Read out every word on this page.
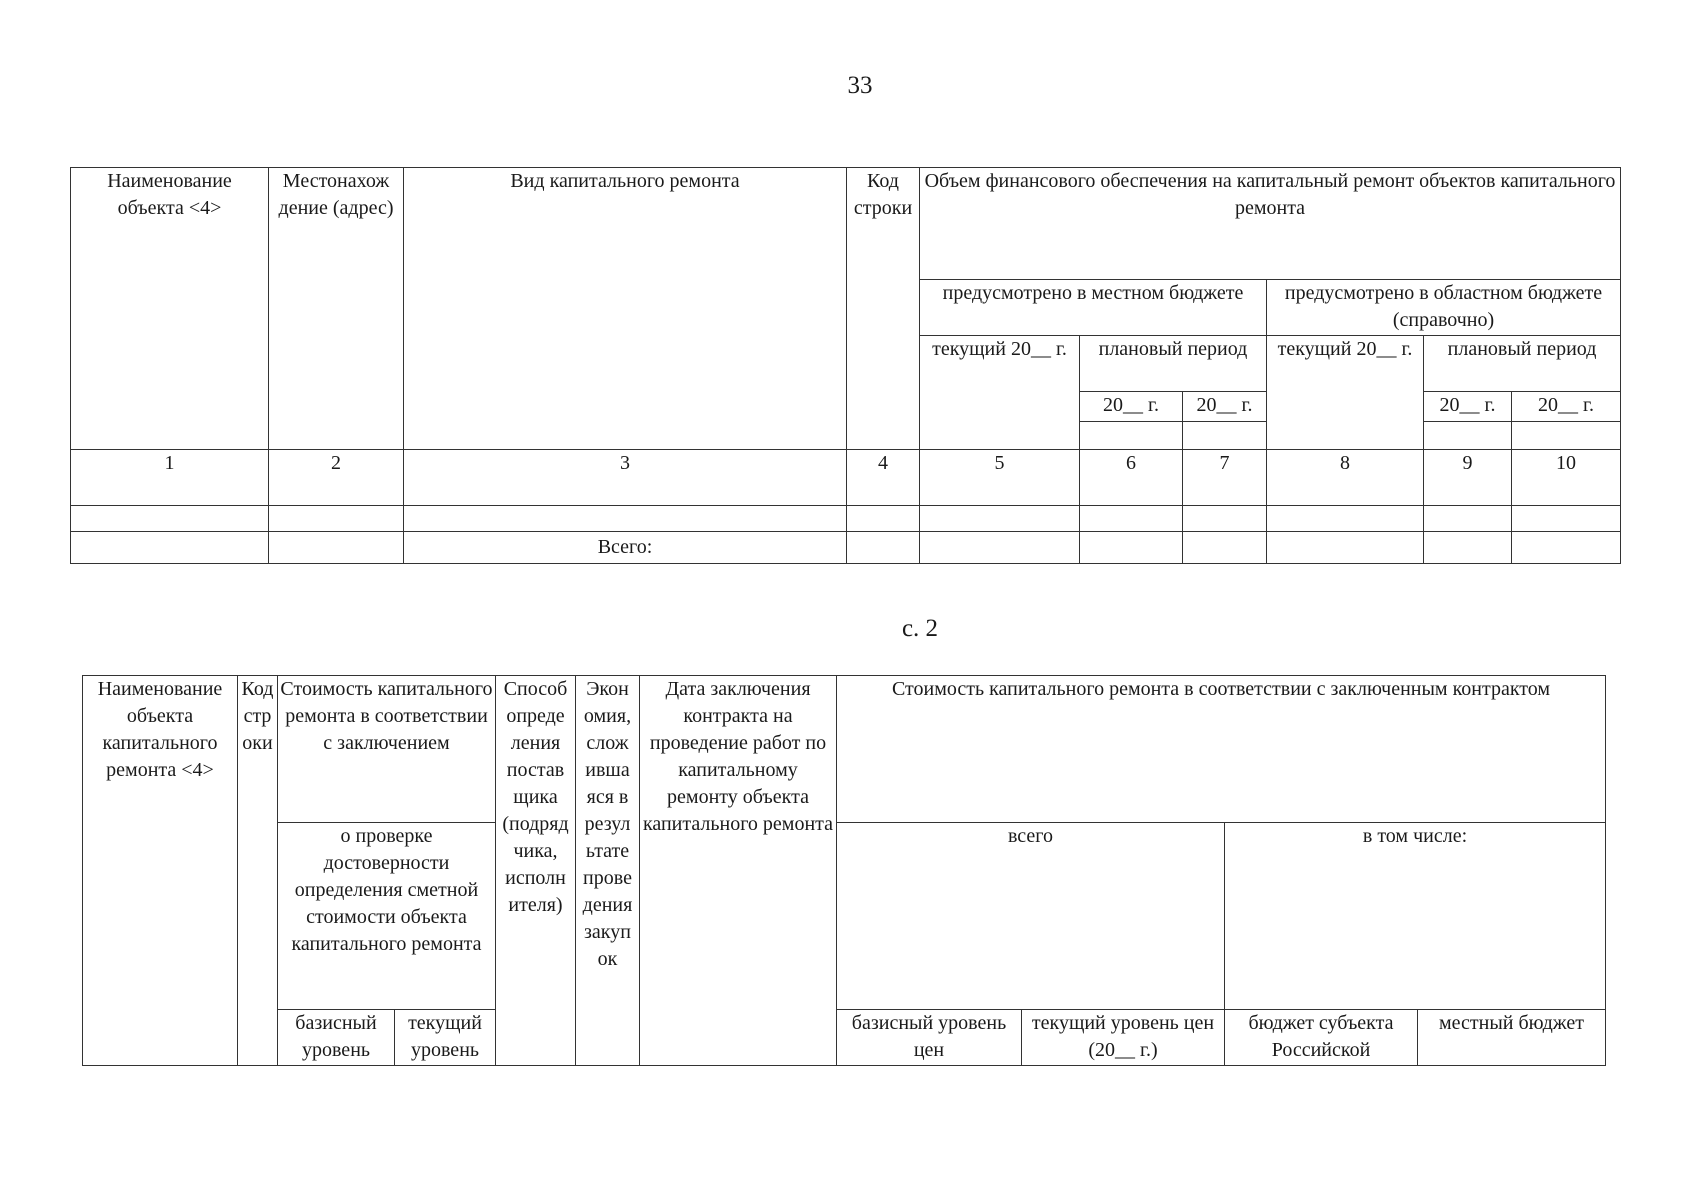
33
Наименование объекта <4>	Местонахож дение (адрес)	Вид капитального ремонта	Код строки	Объем финансового обеспечения на капитальный ремонт объектов капитального ремонта					
				предусмотрено в местном бюджете			предусмотрено в областном бюджете (справочно)		
				текущий 20__ г.	плановый период		текущий 20__ г.	плановый период	
					20__ г.	20__ г.		20__ г.	20__ г.

1	2	3	4	5	6	7	8	9	10

		Всего:							
с. 2
Наименование объекта капитального ремонта <4>	Код стр оки	Стоимость капитального ремонта в соответствии с заключением		Способ опреде ления постав щика (подряд чика, исполн ителя)	Экон омия, слож ивша яся в резул ьтате прове дения закуп ок	Дата заключения контракта на проведение работ по капитальному ремонту объекта капитального ремонта	Стоимость капитального ремонта в соответствии с заключенным контрактом			
		о проверке достоверности определения сметной стоимости объекта капитального ремонта					всего		в том числе:	
		базисный уровень	текущий уровень				базисный уровень цен	текущий уровень цен (20__ г.)	бюджет субъекта Российской	местный бюджет
